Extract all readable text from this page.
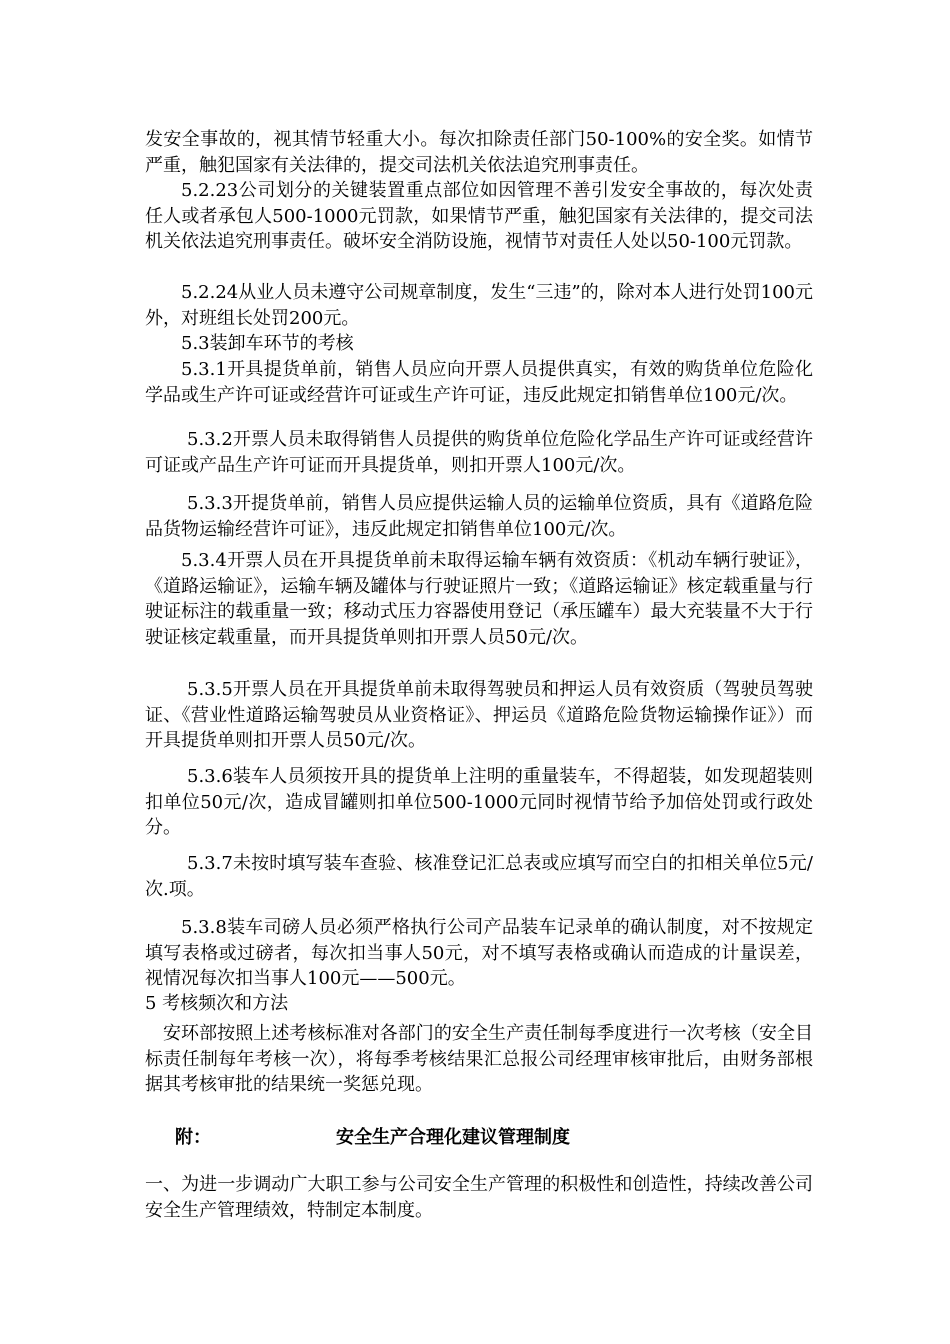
发安全事故的，视其情节轻重大小。每次扣除责任部门50-100%的安全奖。如情节严重，触犯国家有关法律的，提交司法机关依法追究刑事责任。

5.2.23公司划分的关键装置重点部位如因管理不善引发安全事故的，每次处责任人或者承包人500-1000元罚款，如果情节严重，触犯国家有关法律的，提交司法机关依法追究刑事责任。破坏安全消防设施，视情节对责任人处以50-100元罚款。

5.2.24从业人员未遵守公司规章制度，发生“三违”的，除对本人进行处罚100元外，对班组长处罚200元。

5.3装卸车环节的考核

5.3.1开具提货单前，销售人员应向开票人员提供真实，有效的购货单位危险化学品或生产许可证或经营许可证或生产许可证，违反此规定扣销售单位100元/次。

5.3.2开票人员未取得销售人员提供的购货单位危险化学品生产许可证或经营许可证或产品生产许可证而开具提货单，则扣开票人100元/次。

5.3.3开提货单前，销售人员应提供运输人员的运输单位资质，具有《道路危险品货物运输经营许可证》，违反此规定扣销售单位100元/次。

5.3.4开票人员在开具提货单前未取得运输车辆有效资质：《机动车辆行驶证》，《道路运输证》，运输车辆及罐体与行驶证照片一致；《道路运输证》核定载重量与行驶证标注的载重量一致；移动式压力容器使用登记（承压罐车）最大充装量不大于行驶证核定载重量，而开具提货单则扣开票人员50元/次。

5.3.5开票人员在开具提货单前未取得驾驶员和押运人员有效资质（驾驶员驾驶证、《营业性道路运输驾驶员从业资格证》、押运员《道路危险货物运输操作证》）而开具提货单则扣开票人员50元/次。

5.3.6装车人员须按开具的提货单上注明的重量装车，不得超装，如发现超装则扣单位50元/次，造成冒罐则扣单位500-1000元同时视情节给予加倍处罚或行政处分。

5.3.7未按时填写装车查验、核准登记汇总表或应填写而空白的扣相关单位5元/次.项。

5.3.8装车司磅人员必须严格执行公司产品装车记录单的确认制度，对不按规定填写表格或过磅者，每次扣当事人50元，对不填写表格或确认而造成的计量误差，视情况每次扣当事人100元——500元。

5 考核频次和方法

安环部按照上述考核标准对各部门的安全生产责任制每季度进行一次考核（安全目标责任制每年考核一次），将每季考核结果汇总报公司经理审核审批后，由财务部根据其考核审批的结果统一奖惩兑现。

附：	安全生产合理化建议管理制度

一、为进一步调动广大职工参与公司安全生产管理的积极性和创造性，持续改善公司安全生产管理绩效，特制定本制度。
